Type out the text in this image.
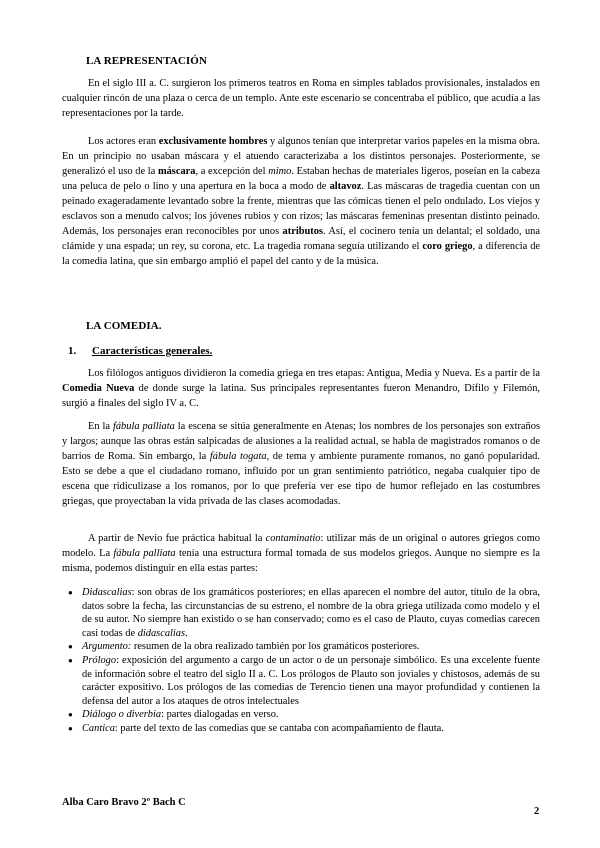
LA REPRESENTACIÓN

En el siglo III a. C. surgieron los primeros teatros en Roma en simples tablados provisionales, instalados en cualquier rincón de una plaza o cerca de un templo. Ante este escenario se concentraba el público, que acudía a las representaciones por la tarde.

Los actores eran exclusivamente hombres y algunos tenían que interpretar varios papeles en la misma obra. En un principio no usaban máscara y el atuendo caracterizaba a los distintos personajes. Posteriormente, se generalizó el uso de la máscara, a excepción del mimo. Estaban hechas de materiales ligeros, poseían en la cabeza una peluca de pelo o lino y una apertura en la boca a modo de altavoz. Las máscaras de tragedia cuentan con un peinado exageradamente levantado sobre la frente, mientras que las cómicas tienen el pelo ondulado. Los viejos y esclavos son a menudo calvos; los jóvenes rubios y con rizos; las máscaras femeninas presentan distinto peinado. Además, los personajes eran reconocibles por unos atributos. Así, el cocinero tenía un delantal; el soldado, una clámide y una espada; un rey, su corona, etc. La tragedia romana seguía utilizando el coro griego, a diferencia de la comedia latina, que sin embargo amplió el papel del canto y de la música.

LA COMEDIA.
1. Características generales.

Los filólogos antiguos dividieron la comedia griega en tres etapas: Antigua, Media y Nueva. Es a partir de la Comedia Nueva de donde surge la latina. Sus principales representantes fueron Menandro, Dífilo y Filemón, surgió a finales del siglo IV a. C.

En la fábula palliata la escena se sitúa generalmente en Atenas; los nombres de los personajes son extraños y largos; aunque las obras están salpicadas de alusiones a la realidad actual, se habla de magistrados romanos o de barrios de Roma. Sin embargo, la fábula togata, de tema y ambiente puramente romanos, no ganó popularidad. Esto se debe a que el ciudadano romano, influido por un gran sentimiento patriótico, negaba cualquier tipo de escena que ridiculizase a los romanos, por lo que prefería ver ese tipo de humor reflejado en las costumbres griegas, que proyectaban la vida privada de las clases acomodadas.

A partir de Nevio fue práctica habitual la contaminatio: utilizar más de un original o autores griegos como modelo. La fábula palliata tenía una estructura formal tomada de sus modelos griegos. Aunque no siempre es la misma, podemos distinguir en ella estas partes:

● Didascalias: son obras de los gramáticos posteriores; en ellas aparecen el nombre del autor, título de la obra, datos sobre la fecha, las circunstancias de su estreno, el nombre de la obra griega utilizada como modelo y el de su autor. No siempre han existido o se han conservado; como es el caso de Plauto, cuyas comedias carecen casi todas de didascalias.
● Argumento: resumen de la obra realizado también por los gramáticos posteriores.
● Prólogo: exposición del argumento a cargo de un actor o de un personaje simbólico. Es una excelente fuente de información sobre el teatro del siglo II a. C. Los prólogos de Plauto son joviales y chistosos, además de su carácter expositivo. Los prólogos de las comedias de Terencio tienen una mayor profundidad y contienen la defensa del autor a los ataques de otros intelectuales
● Diálogo o diverbia: partes dialogadas en verso.
● Cantica: parte del texto de las comedias que se cantaba con acompañamiento de flauta.
Alba Caro Bravo 2º Bach C
2
